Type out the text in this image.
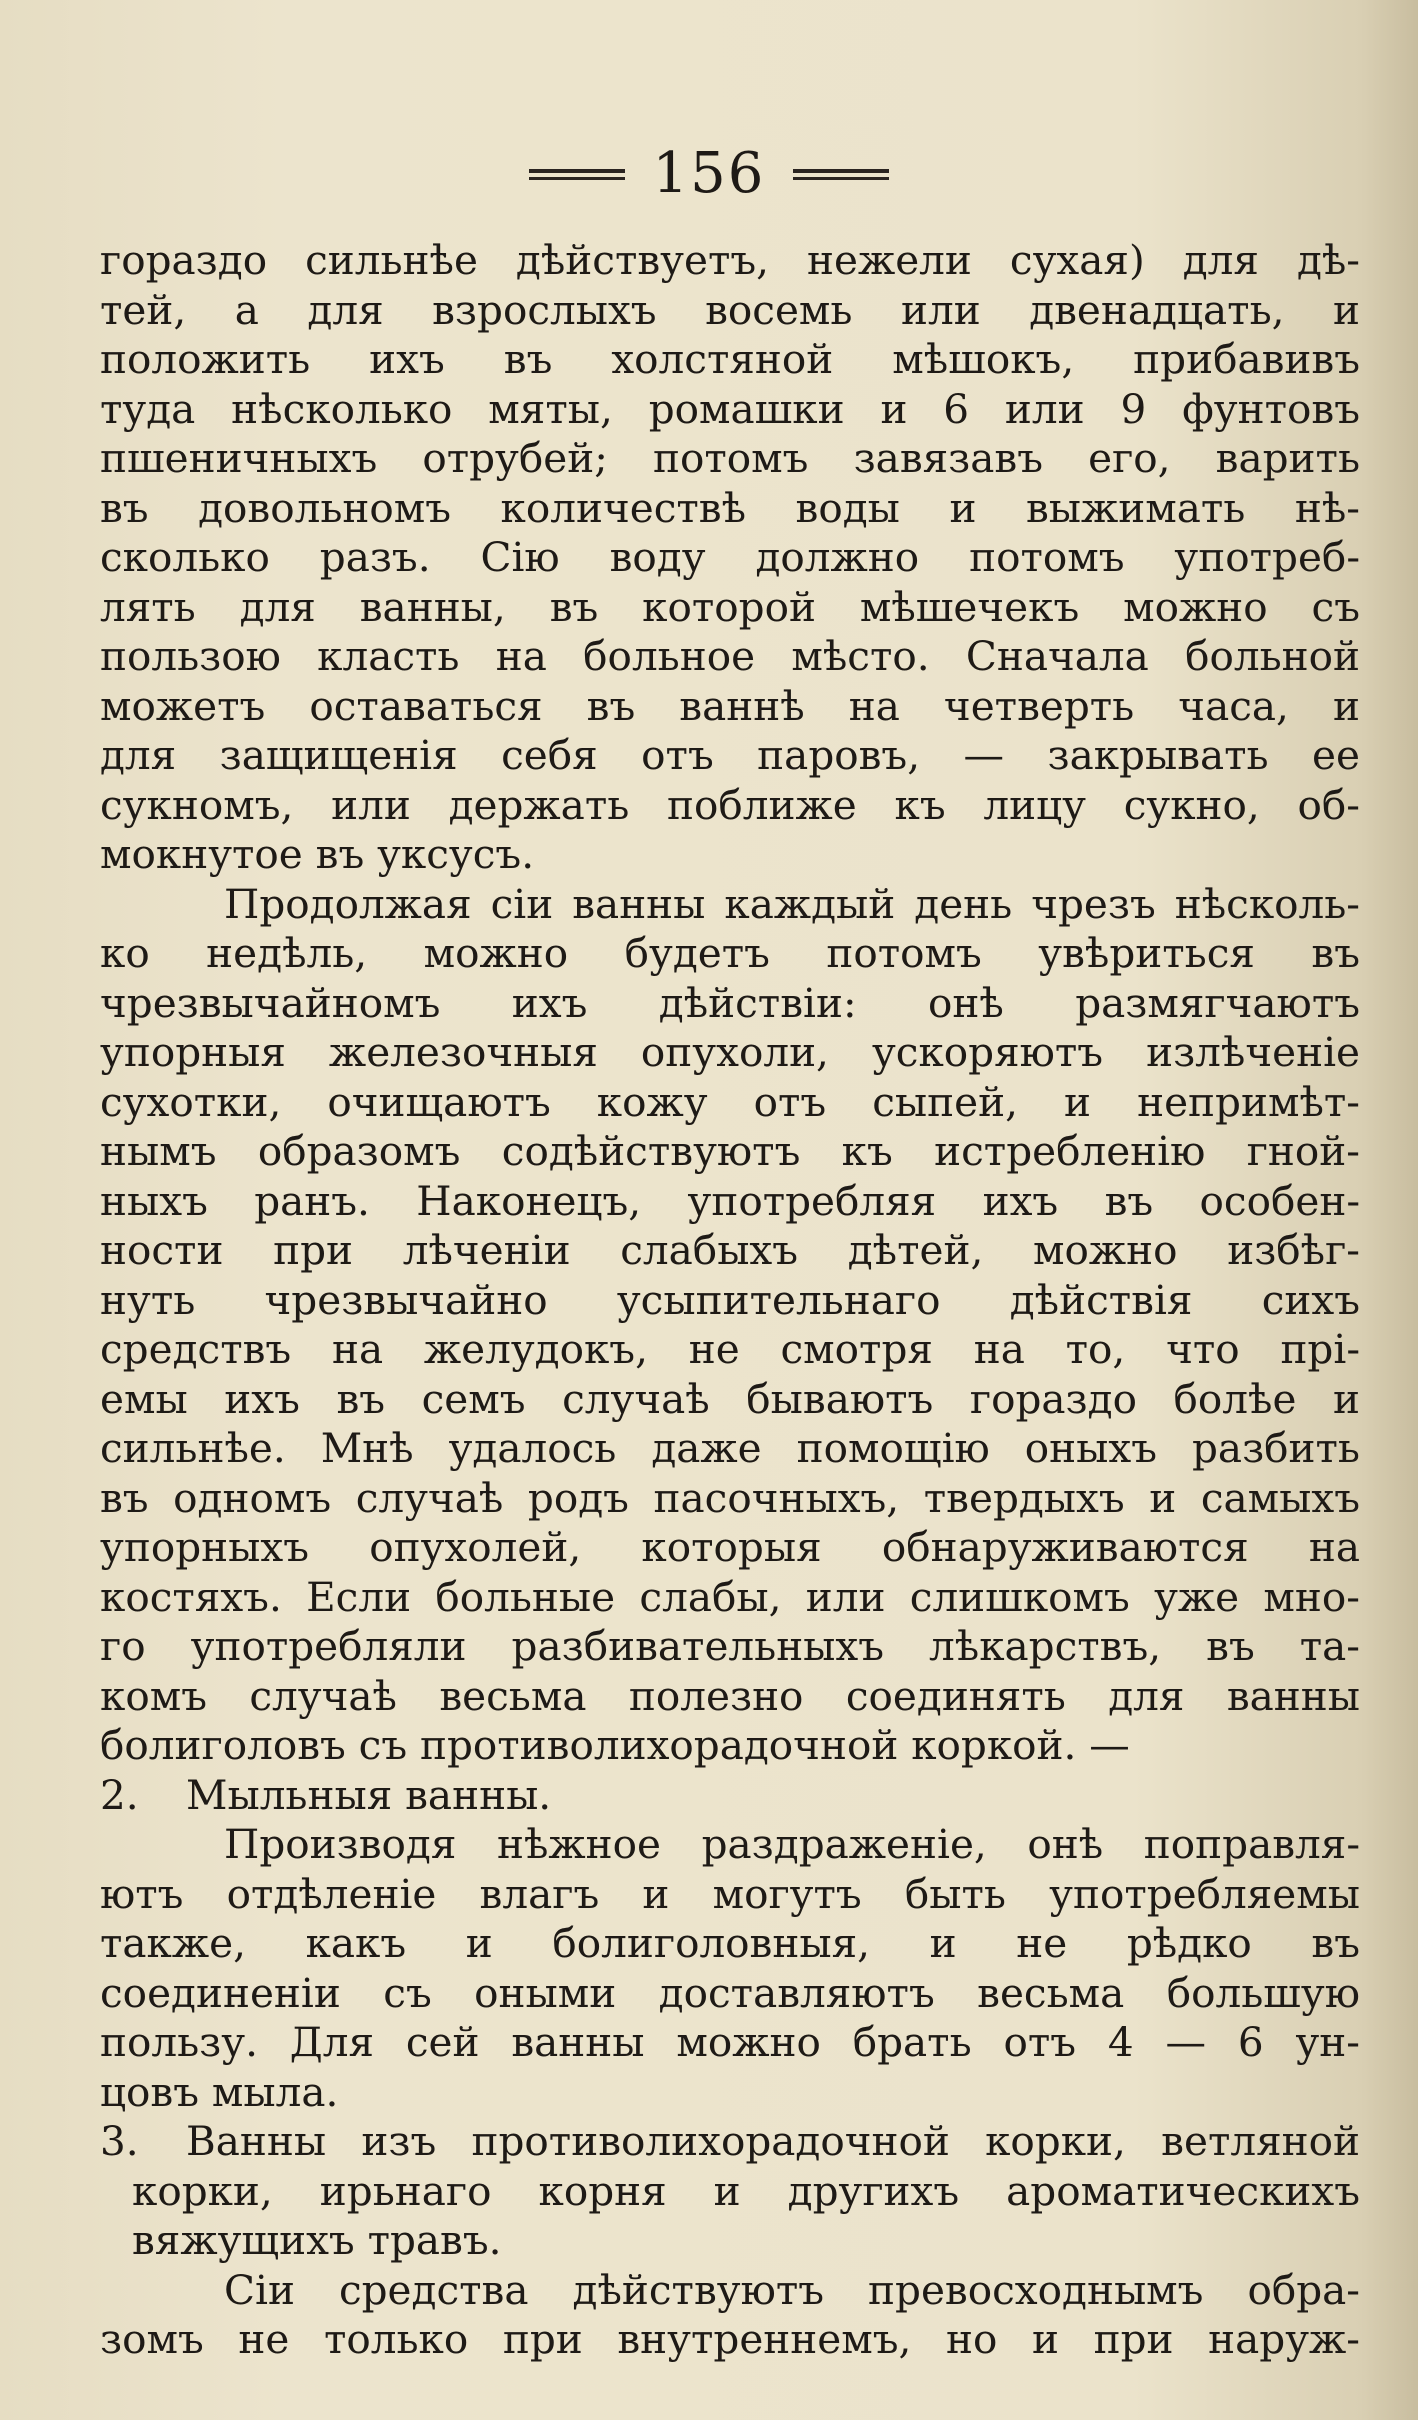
156
гораздо сильнѣе дѣйствуетъ, нежели сухая) для дѣ-
тей, а для взрослыхъ восемь или двенадцать, и
положить ихъ въ холстяной мѣшокъ, прибавивъ
туда нѣсколько мяты, ромашки и 6 или 9 фунтовъ
пшеничныхъ отрубей; потомъ завязавъ его, варить
въ довольномъ количествѣ воды и выжимать нѣ-
сколько разъ. Сію воду должно потомъ употреб-
лять для ванны, въ которой мѣшечекъ можно съ
пользою класть на больное мѣсто. Сначала больной
можетъ оставаться въ ваннѣ на четверть часа, и
для защищенія себя отъ паровъ, — закрывать ее
сукномъ, или держать поближе къ лицу сукно, об-
мокнутое въ уксусъ.
Продолжая сіи ванны каждый день чрезъ нѣсколь-
ко недѣль, можно будетъ потомъ увѣриться въ
чрезвычайномъ ихъ дѣйствіи: онѣ размягчаютъ
упорныя железочныя опухоли, ускоряютъ излѣченіе
сухотки, очищаютъ кожу отъ сыпей, и непримѣт-
нымъ образомъ содѣйствуютъ къ истребленію гной-
ныхъ ранъ. Наконецъ, употребляя ихъ въ особен-
ности при лѣченіи слабыхъ дѣтей, можно избѣг-
нуть чрезвычайно усыпительнаго дѣйствія сихъ
средствъ на желудокъ, не смотря на то, что прі-
емы ихъ въ семъ случаѣ бываютъ гораздо болѣе и
сильнѣе. Мнѣ удалось даже помощію оныхъ разбить
въ одномъ случаѣ родъ пасочныхъ, твердыхъ и самыхъ
упорныхъ опухолей, которыя обнаруживаются на
костяхъ. Если больные слабы, или слишкомъ уже мно-
го употребляли разбивательныхъ лѣкарствъ, въ та-
комъ случаѣ весьма полезно соединять для ванны
болиголовъ съ противолихорадочной коркой. —
2. Мыльныя ванны.
Производя нѣжное раздраженіе, онѣ поправля-
ютъ отдѣленіе влагъ и могутъ быть употребляемы
также, какъ и болиголовныя, и не рѣдко въ
соединеніи съ оными доставляютъ весьма большую
пользу. Для сей ванны можно брать отъ 4 — 6 ун-
цовъ мыла.
3. Ванны изъ противолихорадочной корки, ветляной
корки, ирьнаго корня и другихъ ароматическихъ
вяжущихъ травъ.
Сіи средства дѣйствуютъ превосходнымъ обра-
зомъ не только при внутреннемъ, но и при наруж-
